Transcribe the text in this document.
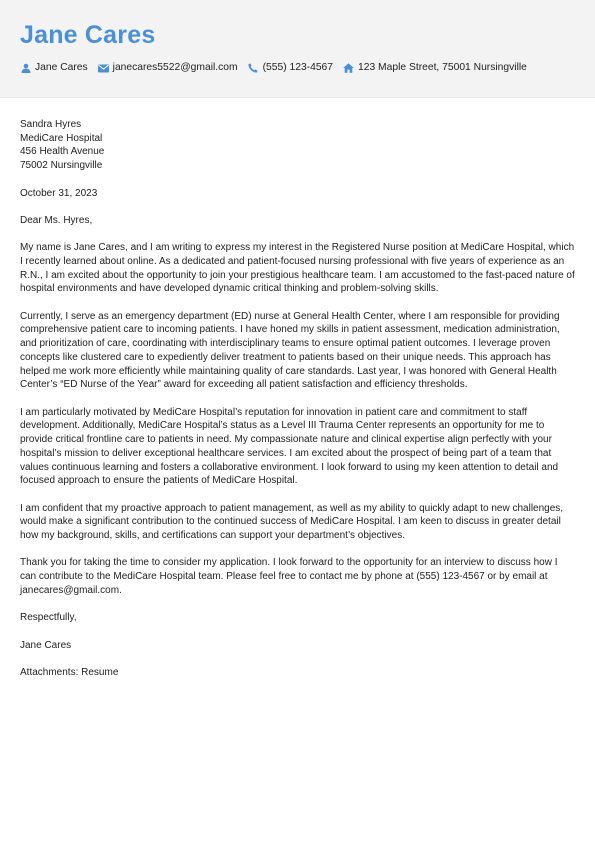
Jane Cares
Jane Cares janecares5522@gmail.com (555) 123-4567 123 Maple Street, 75001 Nursingville

Sandra Hyres
MediCare Hospital
456 Health Avenue
75002 Nursingville

October 31, 2023

Dear Ms. Hyres,

My name is Jane Cares, and I am writing to express my interest in the Registered Nurse position at MediCare Hospital, which I recently learned about online. As a dedicated and patient-focused nursing professional with five years of experience as an R.N., I am excited about the opportunity to join your prestigious healthcare team. I am accustomed to the fast-paced nature of hospital environments and have developed dynamic critical thinking and problem-solving skills.

Currently, I serve as an emergency department (ED) nurse at General Health Center, where I am responsible for providing comprehensive patient care to incoming patients. I have honed my skills in patient assessment, medication administration, and prioritization of care, coordinating with interdisciplinary teams to ensure optimal patient outcomes. I leverage proven concepts like clustered care to expediently deliver treatment to patients based on their unique needs. This approach has helped me work more efficiently while maintaining quality of care standards. Last year, I was honored with General Health Center’s “ED Nurse of the Year” award for exceeding all patient satisfaction and efficiency thresholds.

I am particularly motivated by MediCare Hospital’s reputation for innovation in patient care and commitment to staff development. Additionally, MediCare Hospital’s status as a Level III Trauma Center represents an opportunity for me to provide critical frontline care to patients in need. My compassionate nature and clinical expertise align perfectly with your hospital’s mission to deliver exceptional healthcare services. I am excited about the prospect of being part of a team that values continuous learning and fosters a collaborative environment. I look forward to using my keen attention to detail and focused approach to ensure the patients of MediCare Hospital.

I am confident that my proactive approach to patient management, as well as my ability to quickly adapt to new challenges, would make a significant contribution to the continued success of MediCare Hospital. I am keen to discuss in greater detail how my background, skills, and certifications can support your department’s objectives.

Thank you for taking the time to consider my application. I look forward to the opportunity for an interview to discuss how I can contribute to the MediCare Hospital team. Please feel free to contact me by phone at (555) 123-4567 or by email at janecares@gmail.com.

Respectfully,

Jane Cares

Attachments: Resume
